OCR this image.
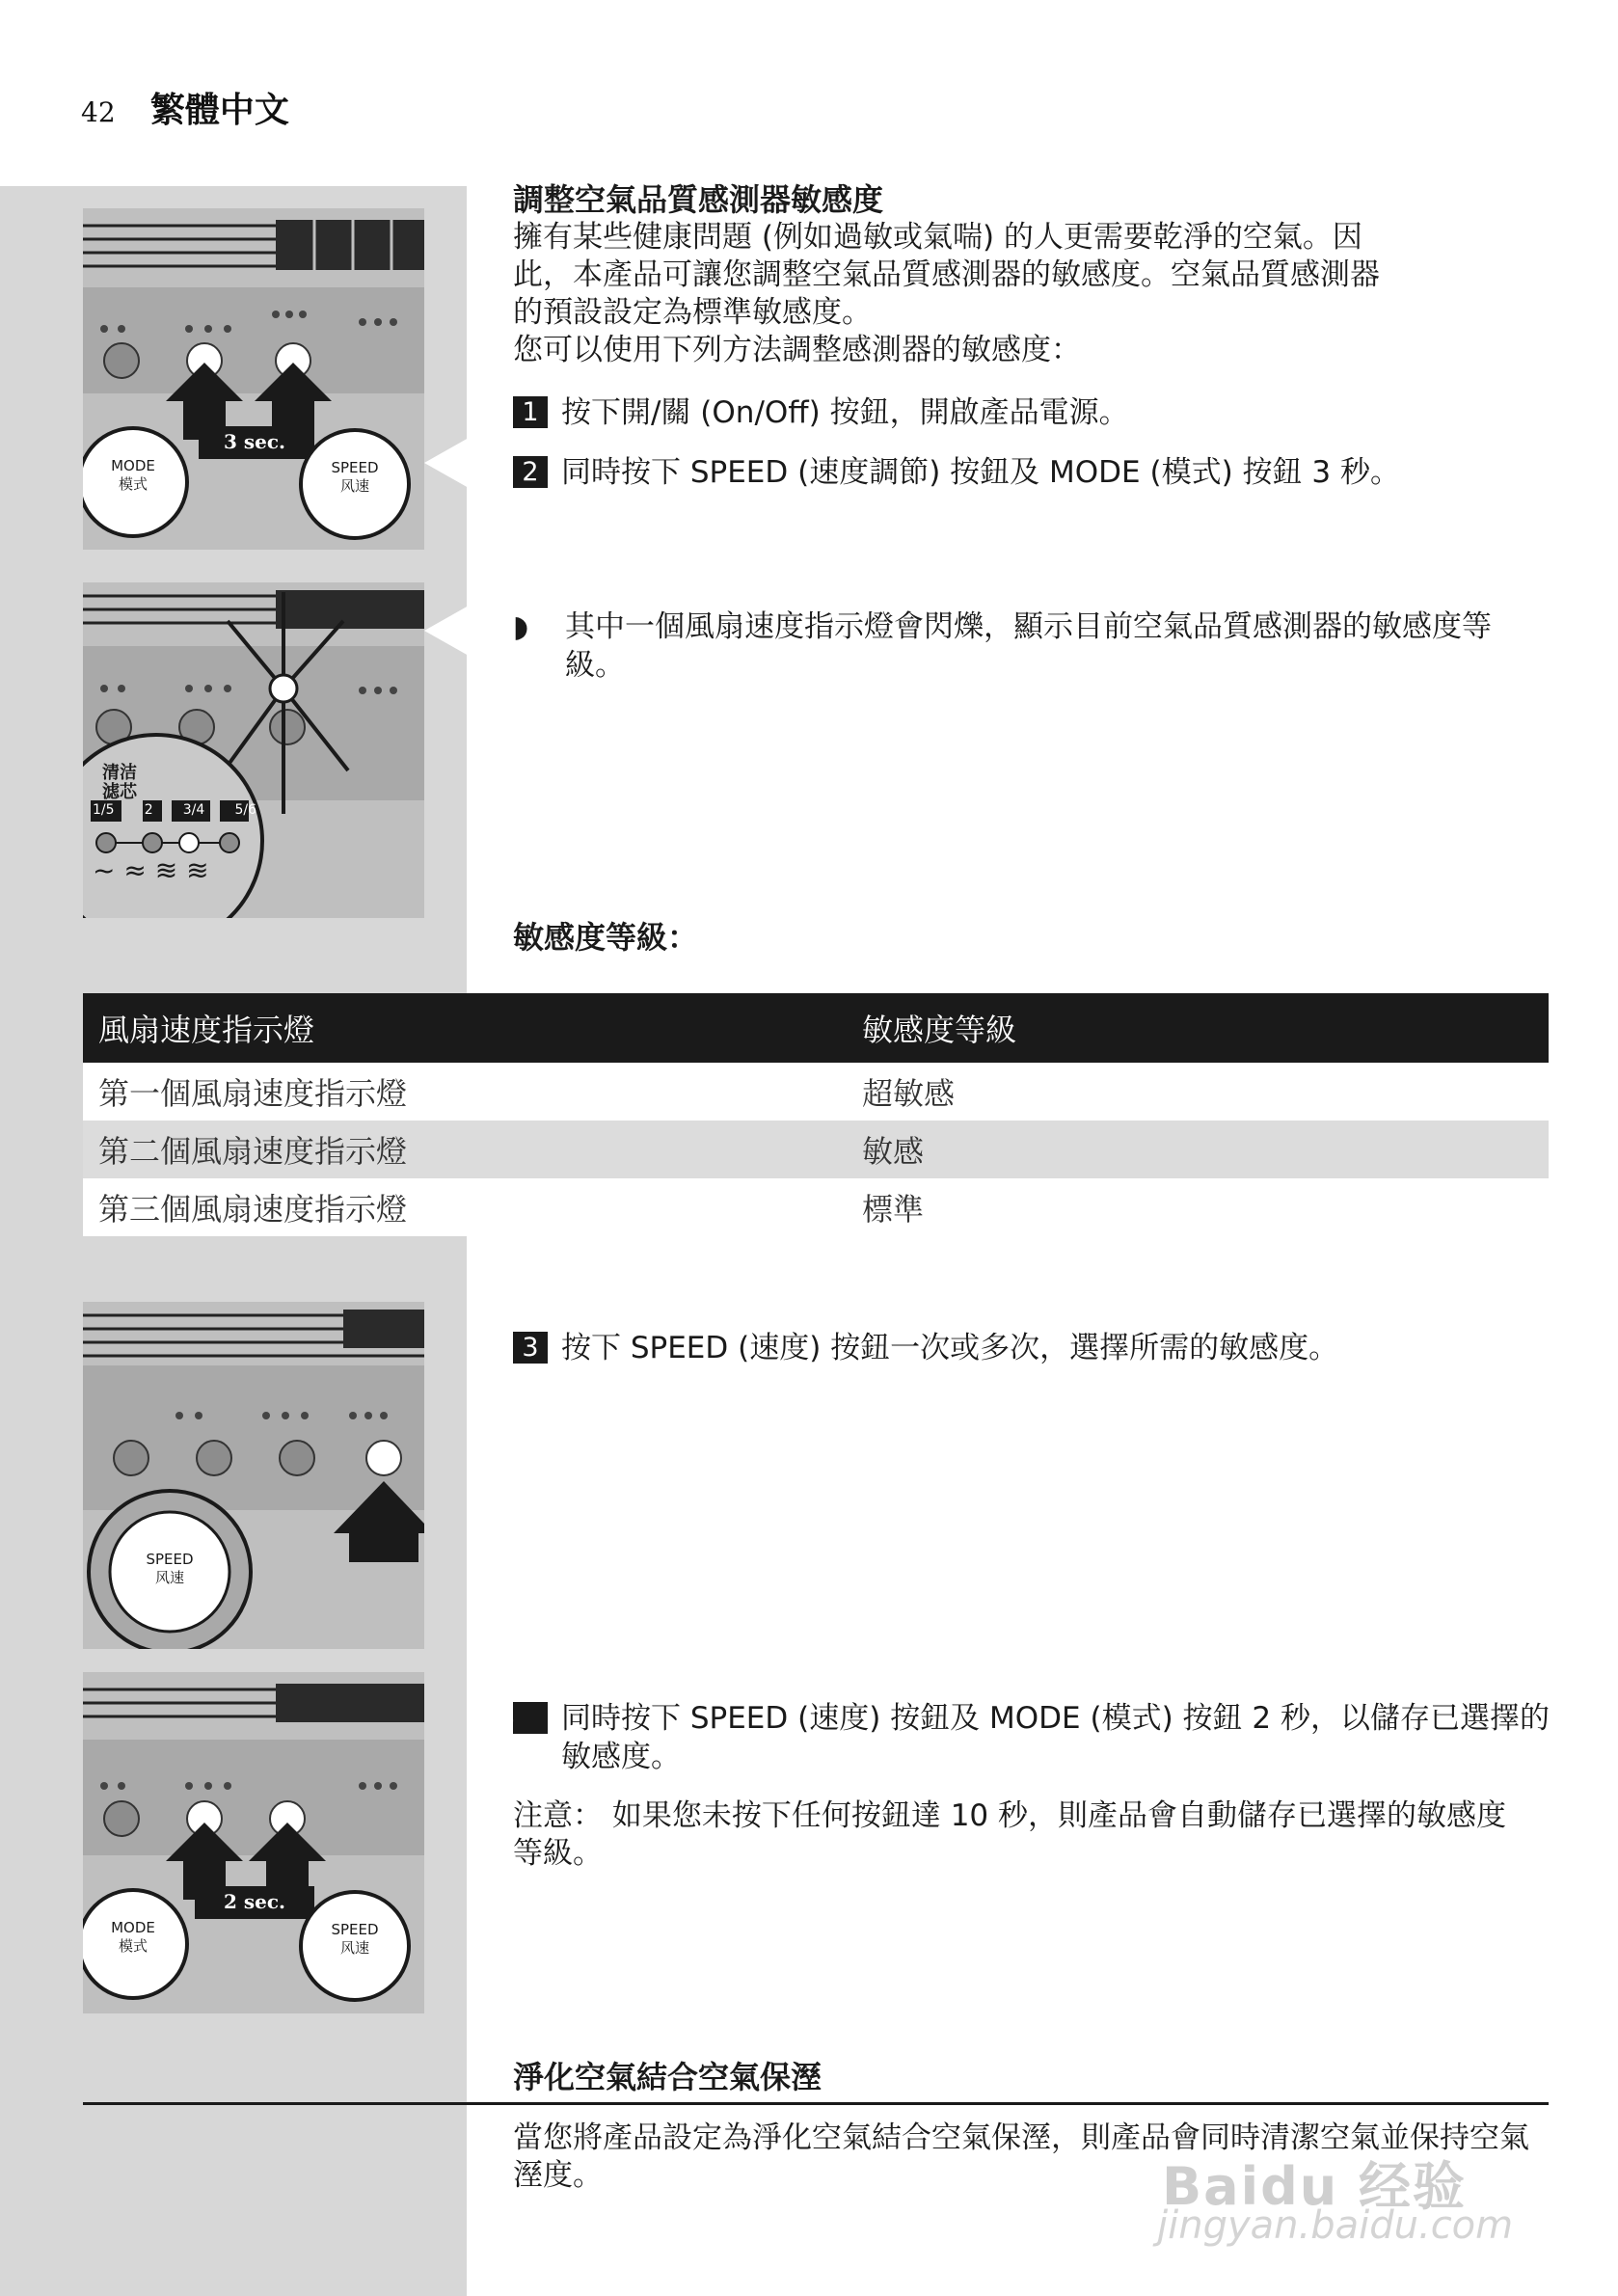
42 繁體中文
調整空氣品質感測器敏感度
擁有某些健康問題 (例如過敏或氣喘) 的人更需要乾淨的空氣。因
此，本產品可讓您調整空氣品質感測器的敏感度。空氣品質感測器
的預設設定為標準敏感度。
您可以使用下列方法調整感測器的敏感度：
1 按下開/關 (On/Off) 按鈕，開啟產品電源。
2 同時按下 SPEED (速度調節) 按鈕及 MODE (模式) 按鈕 3 秒。
◗ 其中一個風扇速度指示燈會閃爍，顯示目前空氣品質感測器的敏感度等級。
敏感度等級：
風扇速度指示燈	敏感度等級
第一個風扇速度指示燈	超敏感
第二個風扇速度指示燈	敏感
第三個風扇速度指示燈	標準
3 按下 SPEED (速度) 按鈕一次或多次，選擇所需的敏感度。
4 同時按下 SPEED (速度) 按鈕及 MODE (模式) 按鈕 2 秒，以儲存已選擇的敏感度。
注意： 如果您未按下任何按鈕達 10 秒，則產品會自動儲存已選擇的敏感度等級。
淨化空氣結合空氣保溼
當您將產品設定為淨化空氣結合空氣保溼，則產品會同時清潔空氣並保持空氣溼度。
3 sec.
MODE
模式
SPEED
风速
~ ≈ ≋ ≋
清洁
滤芯
1/5 2 3/4 5/6
SPEED
风速
2 sec.
MODE
模式
SPEED
风速
Baidu 经验
jingyan.baidu.com
